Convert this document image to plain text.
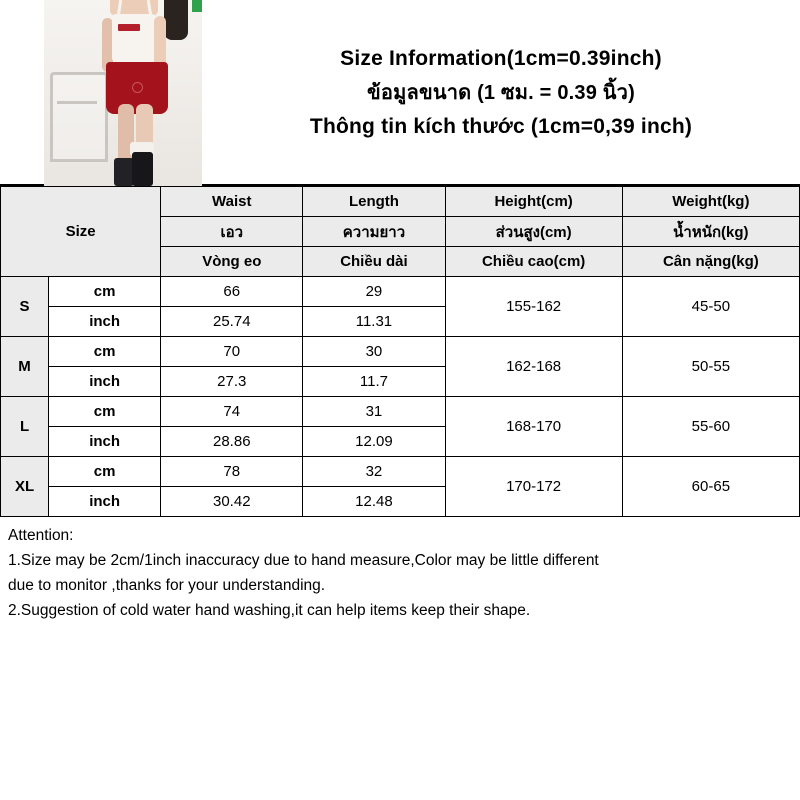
Size Information(1cm=0.39inch)
ข้อมูลขนาด (1 ซม. = 0.39 นิ้ว)
Thông tin kích thước (1cm=0,39 inch)
Size		Waist	Length	Height(cm)	Weight(kg)
		เอว	ความยาว	ส่วนสูง(cm)	น้ำหนัก(kg)
		Vòng eo	Chiều dài	Chiều cao(cm)	Cân nặng(kg)
S	cm	66	29	155-162	45-50
	inch	25.74	11.31		
M	cm	70	30	162-168	50-55
	inch	27.3	11.7		
L	cm	74	31	168-170	55-60
	inch	28.86	12.09		
XL	cm	78	32	170-172	60-65
	inch	30.42	12.48		
Attention:
1.Size may be 2cm/1inch inaccuracy due to hand measure,Color may be little different
due to monitor ,thanks for your understanding.
2.Suggestion of cold water hand washing,it can help items keep their shape.
